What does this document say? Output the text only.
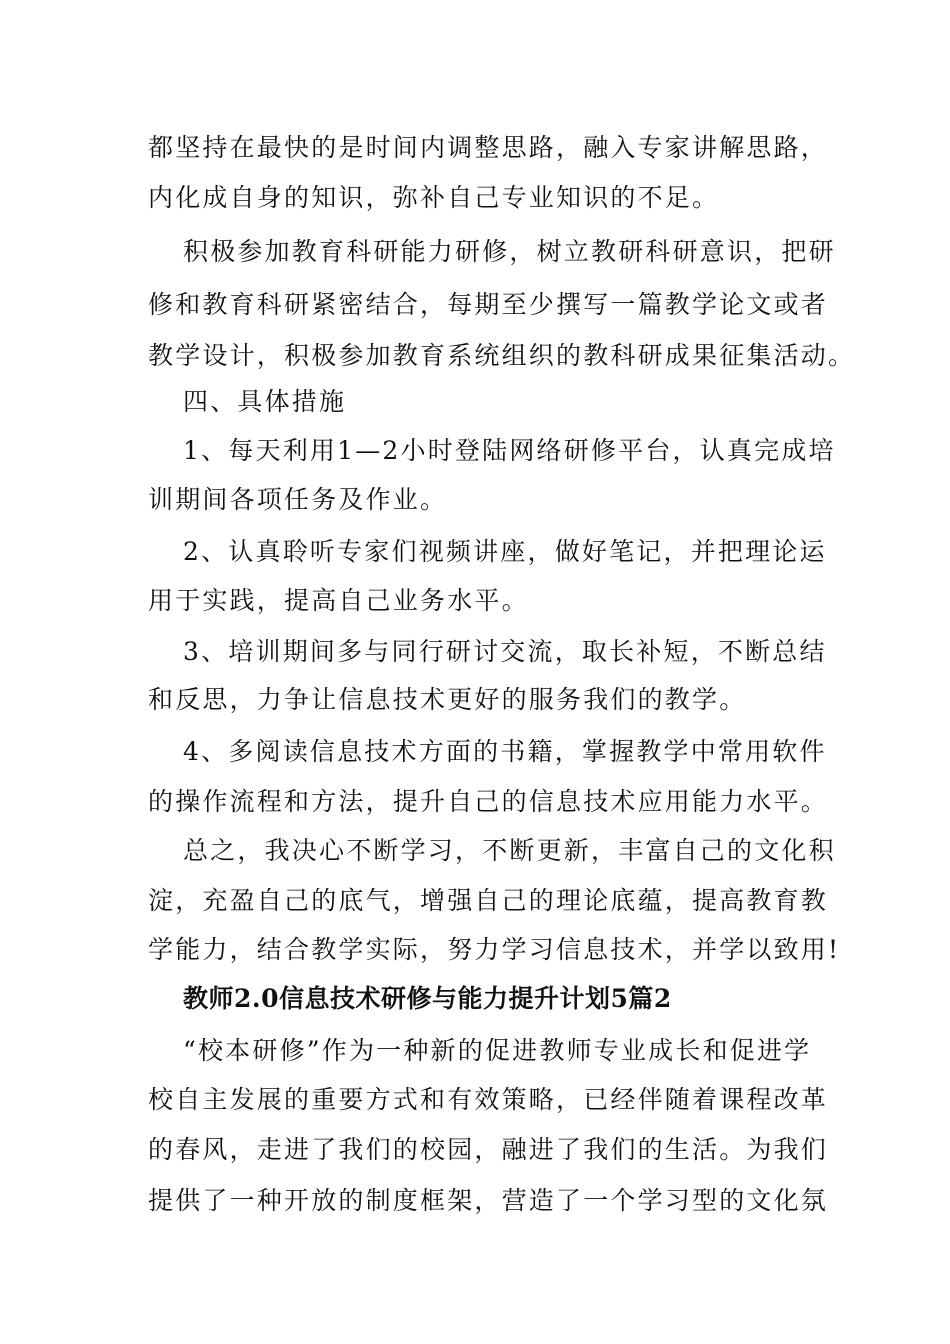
都坚持在最快的是时间内调整思路，融入专家讲解思路，
内化成自身的知识，弥补自己专业知识的不足。
积极参加教育科研能力研修，树立教研科研意识，把研
修和教育科研紧密结合，每期至少撰写一篇教学论文或者
教学设计，积极参加教育系统组织的教科研成果征集活动。
四、具体措施
1、每天利用1—2小时登陆网络研修平台，认真完成培
训期间各项任务及作业。
2、认真聆听专家们视频讲座，做好笔记，并把理论运
用于实践，提高自己业务水平。
3、培训期间多与同行研讨交流，取长补短，不断总结
和反思，力争让信息技术更好的服务我们的教学。
4、多阅读信息技术方面的书籍，掌握教学中常用软件
的操作流程和方法，提升自己的信息技术应用能力水平。
总之，我决心不断学习，不断更新，丰富自己的文化积
淀，充盈自己的底气，增强自己的理论底蕴，提高教育教
学能力，结合教学实际，努力学习信息技术，并学以致用!
教师2.0信息技术研修与能力提升计划5篇2
“校本研修”作为一种新的促进教师专业成长和促进学
校自主发展的重要方式和有效策略，已经伴随着课程改革
的春风，走进了我们的校园，融进了我们的生活。为我们
提供了一种开放的制度框架，营造了一个学习型的文化氛
